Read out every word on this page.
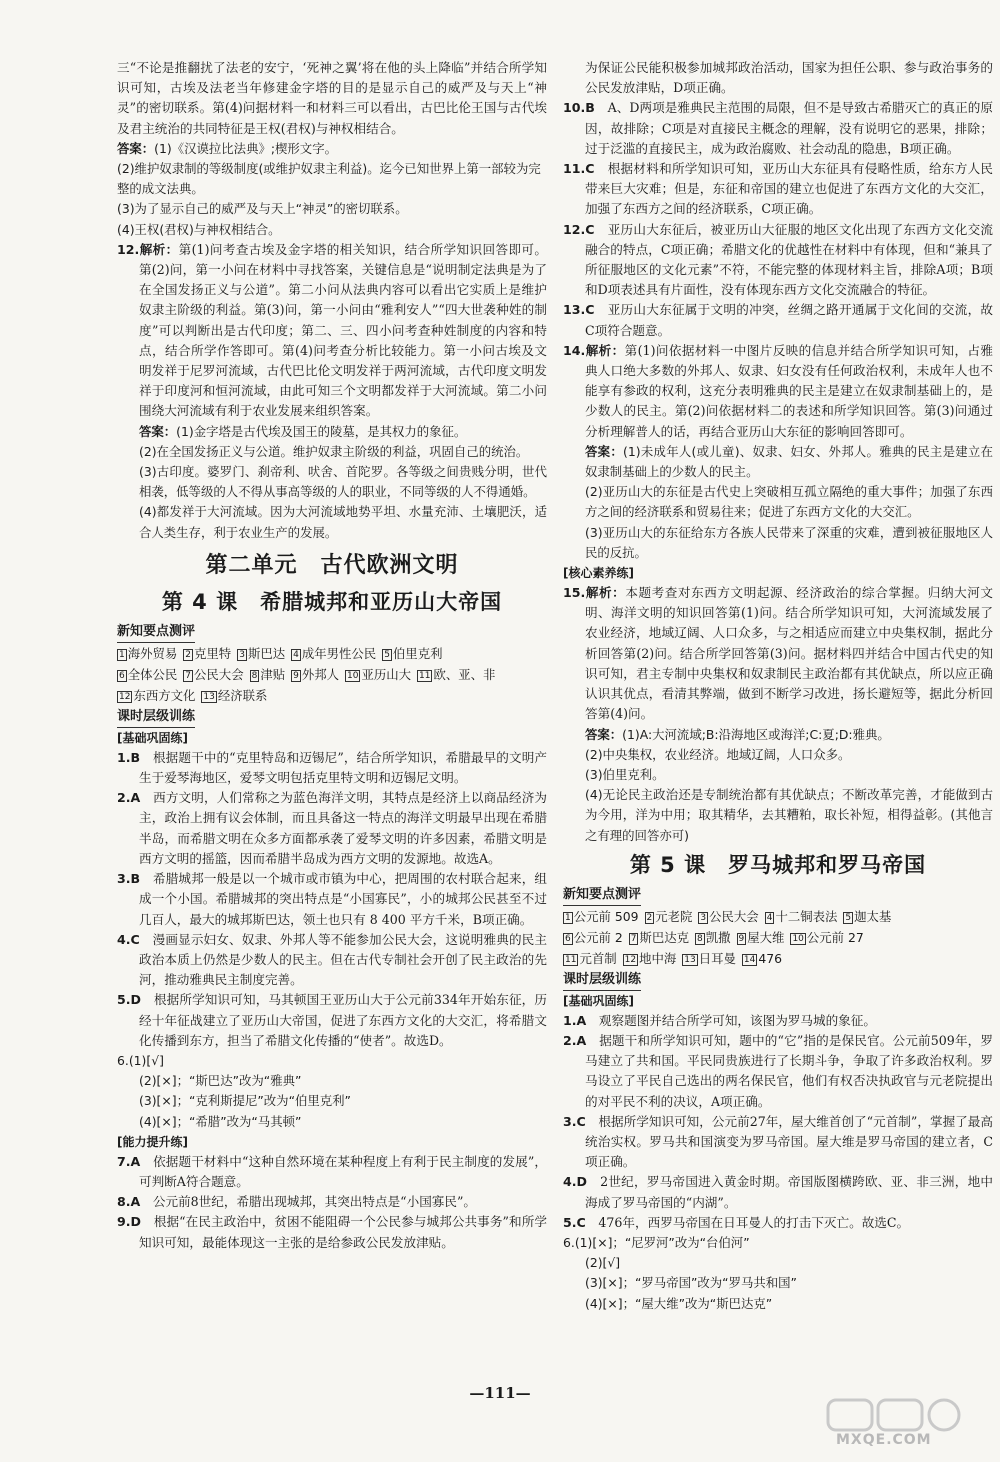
三“不论是推翻扰了法老的安宁，‘死神之翼’将在他的头上降临”并结合所学知识可知，古埃及法老当年修建金字塔的目的是显示自己的威严及与天上“神灵”的密切联系。第(4)问据材料一和材料三可以看出，古巴比伦王国与古代埃及君主统治的共同特征是王权(君权)与神权相结合。

答案：(1)《汉谟拉比法典》;楔形文字。

(2)维护奴隶制的等级制度(或维护奴隶主利益)。迄今已知世界上第一部较为完整的成文法典。

(3)为了显示自己的威严及与天上“神灵”的密切联系。

(4)王权(君权)与神权相结合。

12.解析：第(1)问考查古埃及金字塔的相关知识，结合所学知识回答即可。第(2)问，第一小问在材料中寻找答案，关键信息是“说明制定法典是为了在全国发扬正义与公道”。第二小问从法典内容可以看出它实质上是维护奴隶主阶级的利益。第(3)问，第一小问由“雅利安人”“四大世袭种姓的制度”可以判断出是古代印度；第二、三、四小问考查种姓制度的内容和特点，结合所学作答即可。第(4)问考查分析比较能力。第一小问古埃及文明发祥于尼罗河流域，古代巴比伦文明发祥于两河流域，古代印度文明发祥于印度河和恒河流域，由此可知三个文明都发祥于大河流域。第二小问围绕大河流域有利于农业发展来组织答案。

答案：(1)金字塔是古代埃及国王的陵墓，是其权力的象征。

(2)在全国发扬正义与公道。维护奴隶主阶级的利益，巩固自己的统治。

(3)古印度。婆罗门、刹帝利、吠舍、首陀罗。各等级之间贵贱分明，世代相袭，低等级的人不得从事高等级的人的职业，不同等级的人不得通婚。

(4)都发祥于大河流域。因为大河流域地势平坦、水量充沛、土壤肥沃，适合人类生存，利于农业生产的发展。

第二单元　古代欧洲文明
第 4 课　希腊城邦和亚历山大帝国
新知要点测评
1 海外贸易 2 克里特 3 斯巴达 4 成年男性公民 5 伯里克利
6 全体公民 7 公民大会 8 津贴 9 外邦人 10 亚历山大 11 欧、亚、非
12 东西方文化 13 经济联系
课时层级训练
[基础巩固练]

1.B　 根据题干中的“克里特岛和迈锡尼”，结合所学知识，希腊最早的文明产生于爱琴海地区，爱琴文明包括克里特文明和迈锡尼文明。

2.A　 西方文明，人们常称之为蓝色海洋文明，其特点是经济上以商品经济为主，政治上拥有议会体制，而且具备这一特点的海洋文明最早出现在希腊半岛，而希腊文明在众多方面都承袭了爱琴文明的许多因素，希腊文明是西方文明的摇篮，因而希腊半岛成为西方文明的发源地。故选A。

3.B　 希腊城邦一般是以一个城市或市镇为中心，把周围的农村联合起来，组成一个小国。希腊城邦的突出特点是“小国寡民”，小的城邦公民甚至不过几百人，最大的城邦斯巴达，领土也只有 8 400 平方千米，B项正确。

4.C　 漫画显示妇女、奴隶、外邦人等不能参加公民大会，这说明雅典的民主政治本质上仍然是少数人的民主。但在古代专制社会开创了民主政治的先河，推动雅典民主制度完善。

5.D　 根据所学知识可知，马其顿国王亚历山大于公元前334年开始东征，历经十年征战建立了亚历山大帝国，促进了东西方文化的大交汇，将希腊文化传播到东方，担当了希腊文化传播的“使者”。故选D。

6.(1)[√]

(2)[×]；“斯巴达”改为“雅典”

(3)[×]；“克利斯提尼”改为“伯里克利”

(4)[×]；“希腊”改为“马其顿”

[能力提升练]

7.A　 依据题干材料中“这种自然环境在某种程度上有利于民主制度的发展”，可判断A符合题意。

8.A　 公元前8世纪，希腊出现城邦，其突出特点是“小国寡民”。

9.D　 根据“在民主政治中，贫困不能阻碍一个公民参与城邦公共事务”和所学知识可知，最能体现这一主张的是给参政公民发放津贴。

为保证公民能积极参加城邦政治活动，国家为担任公职、参与政治事务的公民发放津贴，D项正确。

10.B　 A、D两项是雅典民主范围的局限，但不是导致古希腊灭亡的真正的原因，故排除；C项是对直接民主概念的理解，没有说明它的恶果，排除；过于泛滥的直接民主，成为政治腐败、社会动乱的隐患，B项正确。

11.C　 根据材料和所学知识可知，亚历山大东征具有侵略性质，给东方人民带来巨大灾难；但是，东征和帝国的建立也促进了东西方文化的大交汇，加强了东西方之间的经济联系，C项正确。

12.C　 亚历山大东征后，被亚历山大征服的地区文化出现了东西方文化交流融合的特点，C项正确；希腊文化的优越性在材料中有体现，但和“兼具了所征服地区的文化元素”不符，不能完整的体现材料主旨，排除A项；B项和D项表述具有片面性，没有体现东西方文化交流融合的特征。

13.C　 亚历山大东征属于文明的冲突，丝绸之路开通属于文化间的交流，故C项符合题意。

14.解析：第(1)问依据材料一中图片反映的信息并结合所学知识可知，占雅典人口绝大多数的外邦人、奴隶、妇女没有任何政治权利，未成年人也不能享有参政的权利，这充分表明雅典的民主是建立在奴隶制基础上的，是少数人的民主。第(2)问依据材料二的表述和所学知识回答。第(3)问通过分析理解普人的话，再结合亚历山大东征的影响回答即可。

答案：(1)未成年人(或儿童)、奴隶、妇女、外邦人。雅典的民主是建立在奴隶制基础上的少数人的民主。

(2)亚历山大的东征是古代史上突破相互孤立隔绝的重大事件；加强了东西方之间的经济联系和贸易往来；促进了东西方文化的大交汇。

(3)亚历山大的东征给东方各族人民带来了深重的灾难，遭到被征服地区人民的反抗。

[核心素养练]

15.解析：本题考查对东西方文明起源、经济政治的综合掌握。归纳大河文明、海洋文明的知识回答第(1)问。结合所学知识可知，大河流域发展了农业经济，地域辽阔、人口众多，与之相适应而建立中央集权制，据此分析回答第(2)问。结合所学回答第(3)问。据材料四并结合中国古代史的知识可知，君主专制中央集权和奴隶制民主政治都有其优缺点，所以应正确认识其优点，看清其弊端，做到不断学习改进，扬长避短等，据此分析回答第(4)问。

答案：(1)A:大河流域;B:沿海地区或海洋;C:夏;D:雅典。

(2)中央集权，农业经济。地域辽阔，人口众多。

(3)伯里克利。

(4)无论民主政治还是专制统治都有其优缺点；不断改革完善，才能做到古为今用，洋为中用；取其精华，去其糟粕，取长补短，相得益彰。(其他言之有理的回答亦可)

第 5 课　罗马城邦和罗马帝国
新知要点测评
1 公元前 509 2 元老院 3 公民大会 4 十二铜表法 5 迦太基
6 公元前 2 7 斯巴达克 8 凯撒 9 屋大维 10 公元前 27
11 元首制 12 地中海 13 日耳曼 14 476
课时层级训练
[基础巩固练]

1.A　 观察题图并结合所学可知，该图为罗马城的象征。

2.A　 据题干和所学知识可知，题中的“它”指的是保民官。公元前509年，罗马建立了共和国。平民同贵族进行了长期斗争，争取了许多政治权利。罗马设立了平民自己选出的两名保民官，他们有权否决执政官与元老院提出的对平民不利的决议，A项正确。

3.C　 根据所学知识可知，公元前27年，屋大维首创了“元首制”，掌握了最高统治实权。罗马共和国演变为罗马帝国。屋大维是罗马帝国的建立者，C项正确。

4.D　 2世纪，罗马帝国进入黄金时期。帝国版图横跨欧、亚、非三洲，地中海成了罗马帝国的“内湖”。

5.C　 476年，西罗马帝国在日耳曼人的打击下灭亡。故选C。

6.(1)[×]；“尼罗河”改为“台伯河”

(2)[√]

(3)[×]；“罗马帝国”改为“罗马共和国”

(4)[×]；“屋大维”改为“斯巴达克”

—111—
MXQE.COM
